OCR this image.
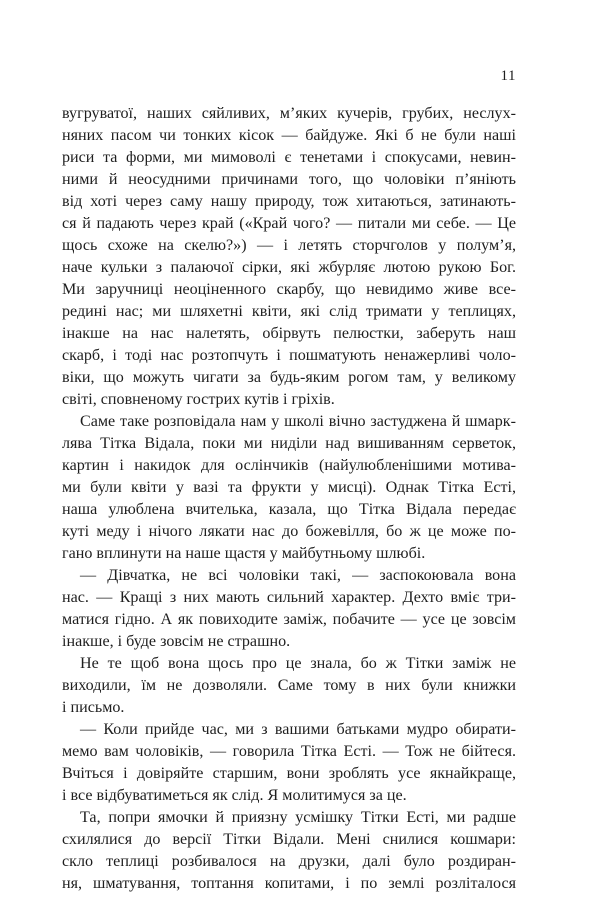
11
вугруватої, наших сяйливих, м’яких кучерів, грубих, неслух-
няних пасом чи тонких кісок — байдуже. Які б не були наші
риси та форми, ми мимоволі є тенетами і спокусами, невин-
ними й неосудними причинами того, що чоловіки п’яніють
від хоті через саму нашу природу, тож хитаються, затинають-
ся й падають через край («Край чого? — питали ми себе. — Це
щось схоже на скелю?») — і летять сторчголов у полум’я,
наче кульки з палаючої сірки, які жбурляє лютою рукою Бог.
Ми заручниці неоціненного скарбу, що невидимо живе все-
редині нас; ми шляхетні квіти, які слід тримати у теплицях,
інакше на нас налетять, обірвуть пелюстки, заберуть наш
скарб, і тоді нас розтопчуть і пошматують ненажерливі чоло-
віки, що можуть чигати за будь-яким рогом там, у великому
світі, сповненому гострих кутів і гріхів.
Саме таке розповідала нам у школі вічно застуджена й шмарк-
лява Тітка Відала, поки ми ниділи над вишиванням серветок,
картин і накидок для ослінчиків (найулюбленішими мотива-
ми були квіти у вазі та фрукти у мисці). Однак Тітка Есті,
наша улюблена вчителька, казала, що Тітка Відала передає
куті меду і нічого лякати нас до божевілля, бо ж це може по-
гано вплинути на наше щастя у майбутньому шлюбі.
— Дівчатка, не всі чоловіки такі, — заспокоювала вона
нас. — Кращі з них мають сильний характер. Дехто вміє три-
матися гідно. А як повиходите заміж, побачите — усе це зовсім
інакше, і буде зовсім не страшно.
Не те щоб вона щось про це знала, бо ж Тітки заміж не
виходили, їм не дозволяли. Саме тому в них були книжки
і письмо.
— Коли прийде час, ми з вашими батьками мудро обирати-
мемо вам чоловіків, — говорила Тітка Есті. — Тож не бійтеся.
Вчіться і довіряйте старшим, вони зроблять усе якнайкраще,
і все відбуватиметься як слід. Я молитимуся за це.
Та, попри ямочки й приязну усмішку Тітки Есті, ми радше
схилялися до версії Тітки Відали. Мені снилися кошмари:
скло теплиці розбивалося на друзки, далі було роздиран-
ня, шматування, топтання копитами, і по землі розліталося
